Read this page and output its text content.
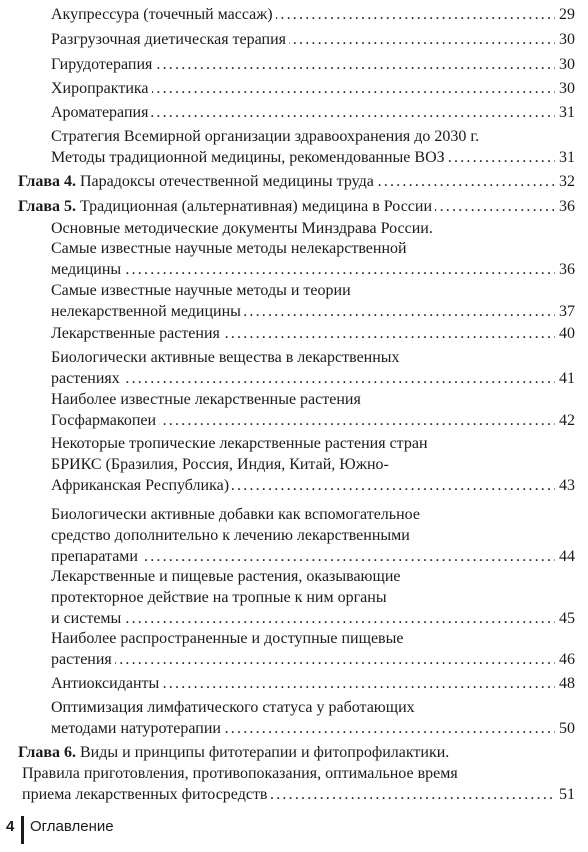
.....
Акупрессура (точечный массаж)	29
.....
Разгрузочная диетическая терапия	30
.....
Гирудотерапия	30
.....
Хиропрактика	30
.....
Ароматерапия	31
Стратегия Всемирной организации здравоохранения до 2030 г.
.....
Методы традиционной медицины, рекомендованные ВОЗ	31
.....
Глава 4. Парадоксы отечественной медицины труда	32
.....
Глава 5. Традиционная (альтернативная) медицина в России	36
Основные методические документы Минздрава России.
Самые известные научные методы нелекарственной
.....
медицины	36
Самые известные научные методы и теории
.....
нелекарственной медицины	37
.....
Лекарственные растения	40
Биологически активные вещества в лекарственных
.....
растениях	41
Наиболее известные лекарственные растения
.....
Госфармакопеи	42
Некоторые тропические лекарственные растения стран
БРИКС (Бразилия, Россия, Индия, Китай, Южно-
.....
Африканская Республика)	43
Биологически активные добавки как вспомогательное
средство дополнительно к лечению лекарственными
.....
препаратами	44
Лекарственные и пищевые растения, оказывающие
протекторное действие на тропные к ним органы
.....
и системы	45
Наиболее распространенные и доступные пищевые
.....
растения	46
.....
Антиоксиданты	48
Оптимизация лимфатического статуса у работающих
.....
методами натуротерапии	50
Глава 6. Виды и принципы фитотерапии и фитопрофилактики.
Правила приготовления, противопоказания, оптимальное время
.....
приема лекарственных фитосредств	51
4 Оглавление
